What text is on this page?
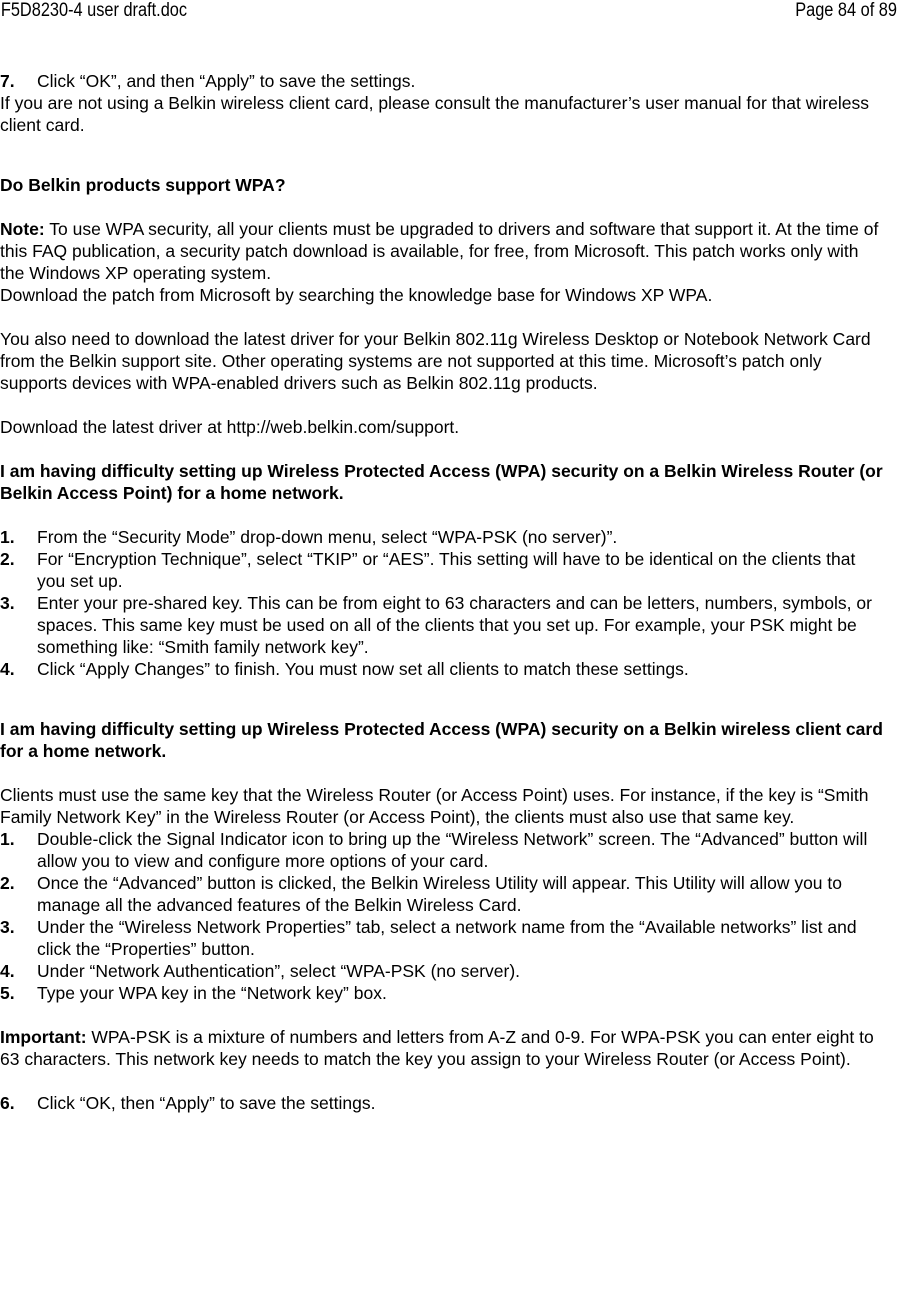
F5D8230-4 user draft.doc	Page 84 of 89
7. Click “OK”, and then “Apply” to save the settings.

If you are not using a Belkin wireless client card, please consult the manufacturer’s user manual for that wireless client card.

Do Belkin products support WPA?

Note: To use WPA security, all your clients must be upgraded to drivers and software that support it. At the time of this FAQ publication, a security patch download is available, for free, from Microsoft. This patch works only with the Windows XP operating system.

Download the patch from Microsoft by searching the knowledge base for Windows XP WPA.

You also need to download the latest driver for your Belkin 802.11g Wireless Desktop or Notebook Network Card from the Belkin support site. Other operating systems are not supported at this time. Microsoft’s patch only supports devices with WPA-enabled drivers such as Belkin 802.11g products.

Download the latest driver at http://web.belkin.com/support.

I am having difficulty setting up Wireless Protected Access (WPA) security on a Belkin Wireless Router (or Belkin Access Point) for a home network.

1. From the “Security Mode” drop-down menu, select “WPA-PSK (no server)”.
2. For “Encryption Technique”, select “TKIP” or “AES”. This setting will have to be identical on the clients that you set up.
3. Enter your pre-shared key. This can be from eight to 63 characters and can be letters, numbers, symbols, or spaces. This same key must be used on all of the clients that you set up. For example, your PSK might be something like: “Smith family network key”.
4. Click “Apply Changes” to finish. You must now set all clients to match these settings.

I am having difficulty setting up Wireless Protected Access (WPA) security on a Belkin wireless client card for a home network.

Clients must use the same key that the Wireless Router (or Access Point) uses. For instance, if the key is “Smith Family Network Key” in the Wireless Router (or Access Point), the clients must also use that same key.

1. Double-click the Signal Indicator icon to bring up the “Wireless Network” screen. The “Advanced” button will allow you to view and configure more options of your card.
2. Once the “Advanced” button is clicked, the Belkin Wireless Utility will appear. This Utility will allow you to manage all the advanced features of the Belkin Wireless Card.
3. Under the “Wireless Network Properties” tab, select a network name from the “Available networks” list and click the “Properties” button.
4. Under “Network Authentication”, select “WPA-PSK (no server).
5. Type your WPA key in the “Network key” box.

Important: WPA-PSK is a mixture of numbers and letters from A-Z and 0-9. For WPA-PSK you can enter eight to 63 characters. This network key needs to match the key you assign to your Wireless Router (or Access Point).

6. Click “OK, then “Apply” to save the settings.
